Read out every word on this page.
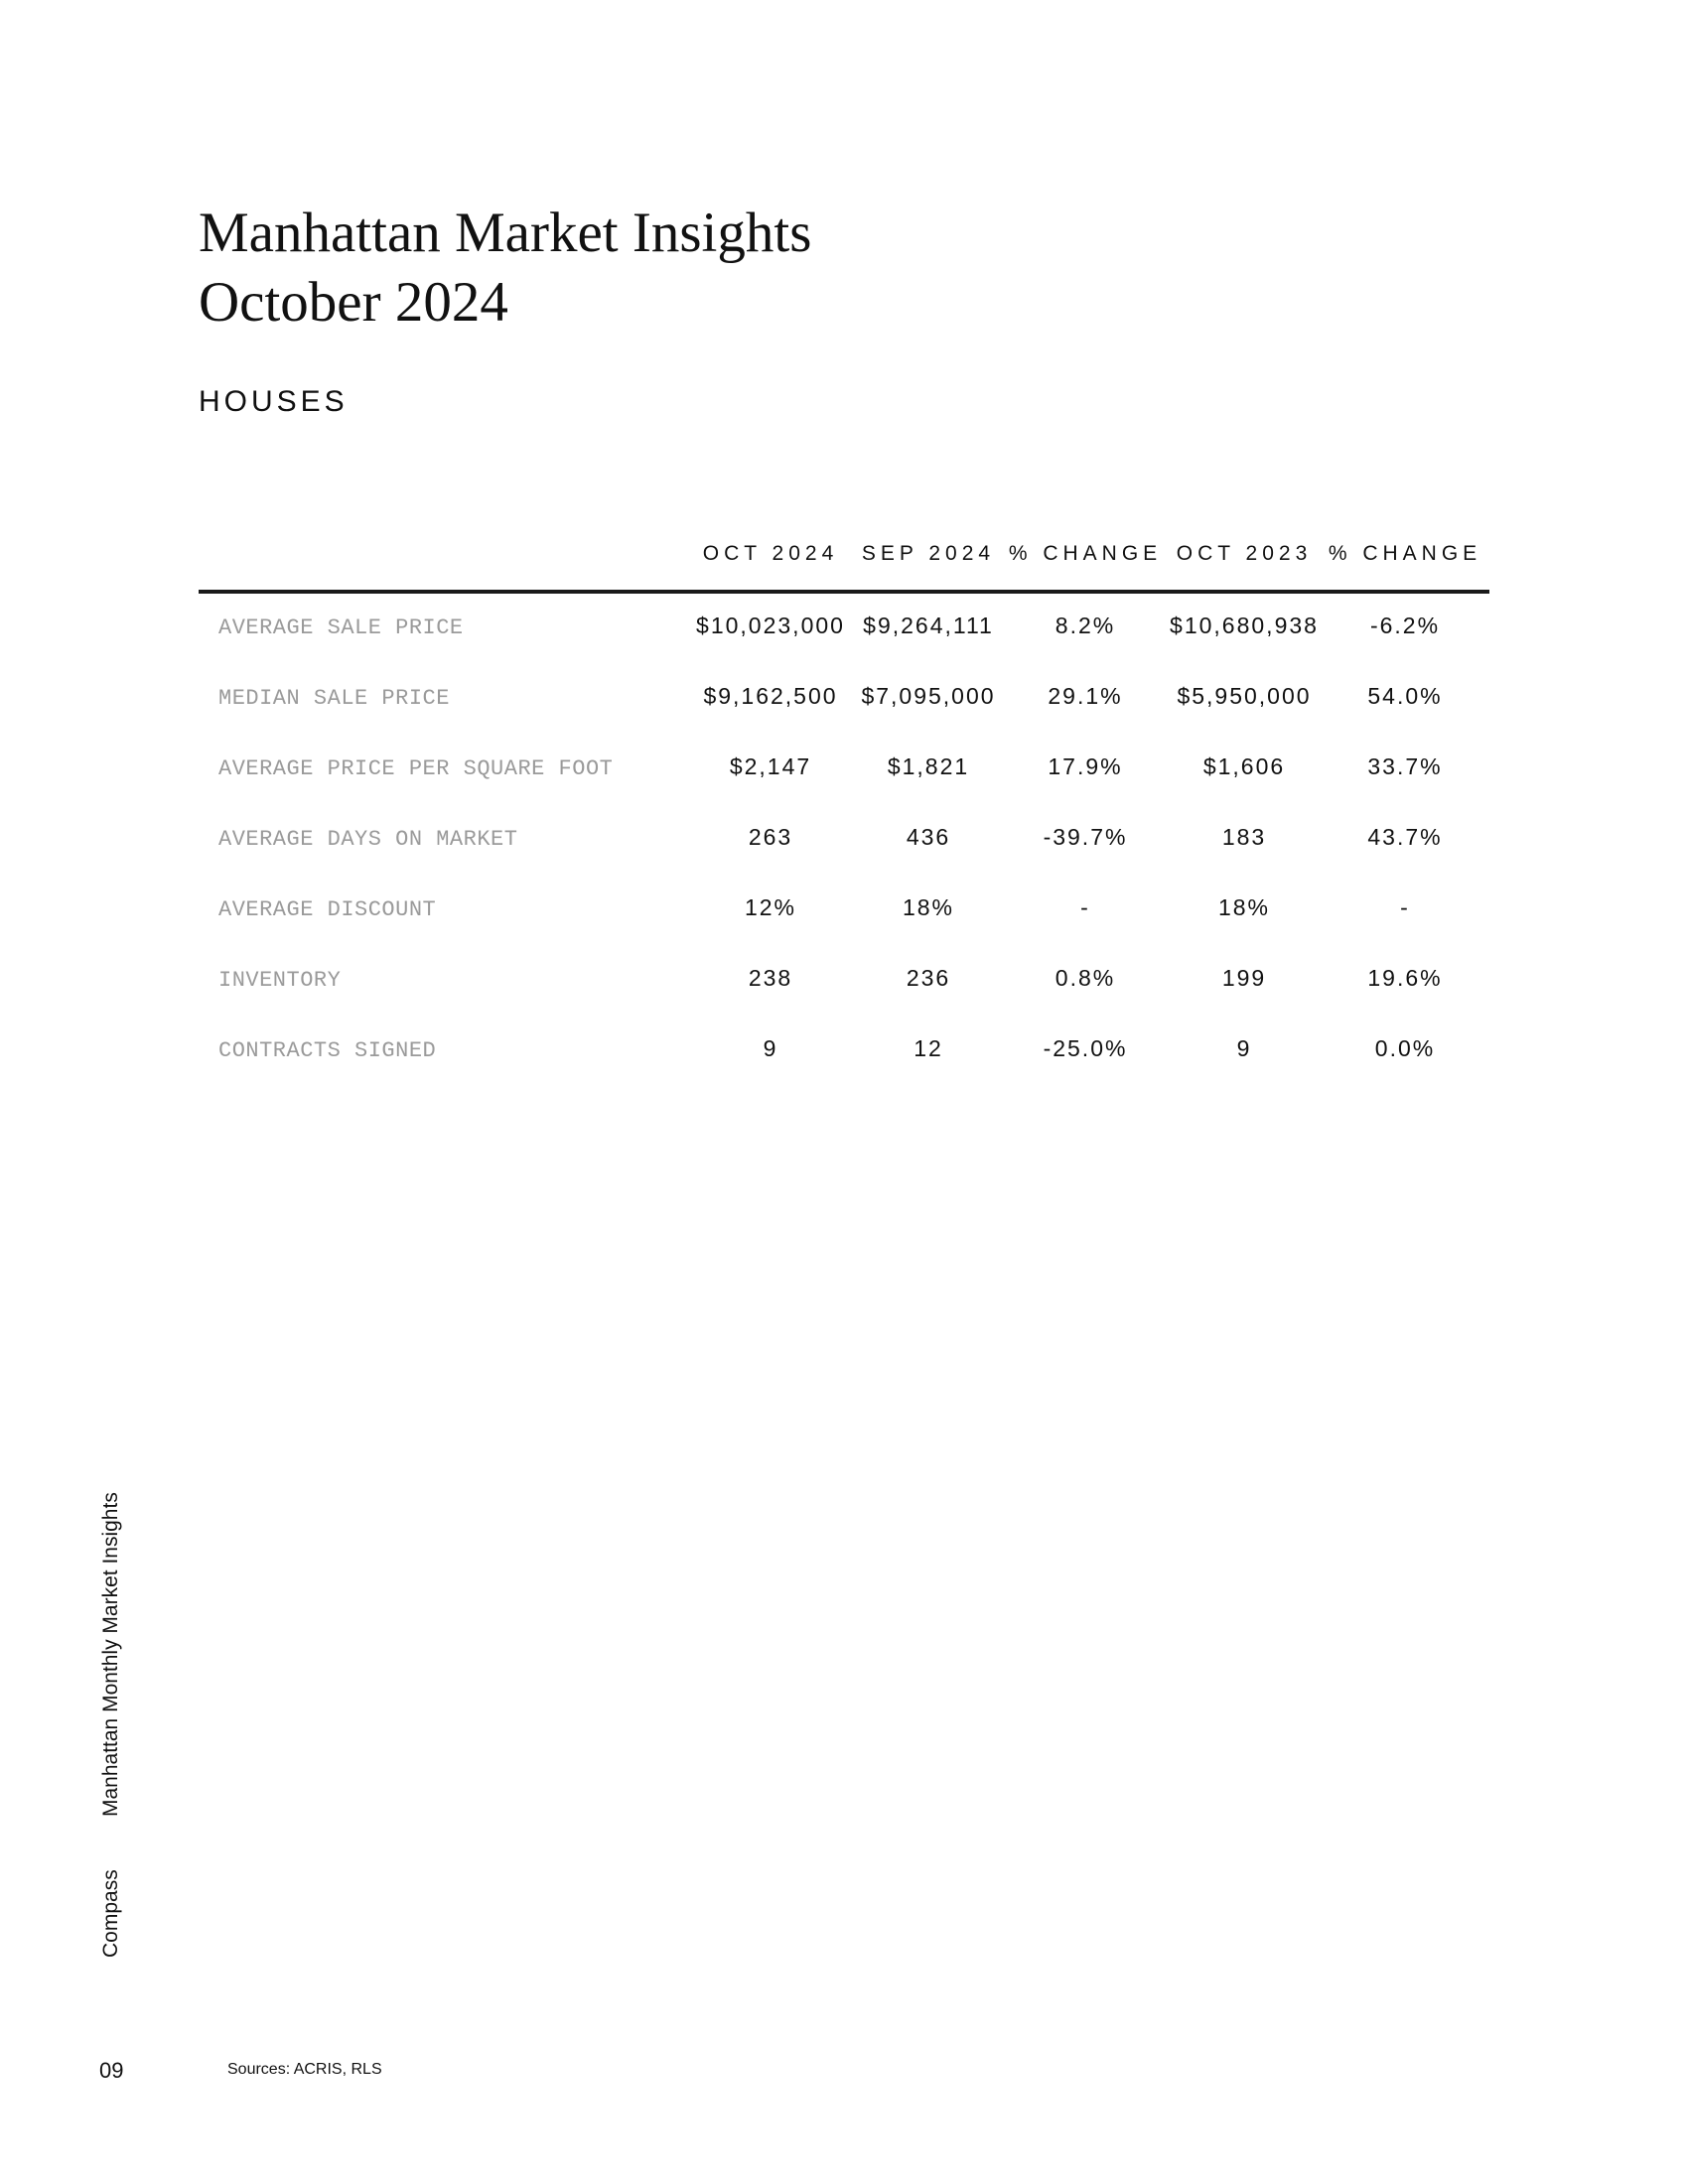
Manhattan Market Insights
October 2024
HOUSES
OCT 2024 SEP 2024 % CHANGE OCT 2023 % CHANGE
AVERAGE SALE PRICE	$10,023,000 $9,264,111	8.2% $10,680,938 -6.2%
MEDIAN SALE PRICE	$9,162,500 $7,095,000 29.1% $5,950,000 54.0%
AVERAGE PRICE PER SQUARE FOOT	$2,147	$1,821	17.9%	$1,606	33.7%
AVERAGE DAYS ON MARKET	263	436	-39.7%	183	43.7%
AVERAGE DISCOUNT	12%	18%	-	18%	-
INVENTORY	238	236	0.8%	199	19.6%
CONTRACTS SIGNED	9	12	-25.0%	9	0.0%
Manhattan Monthly Market Insights
Compass
09	Sources: ACRIS, RLS
